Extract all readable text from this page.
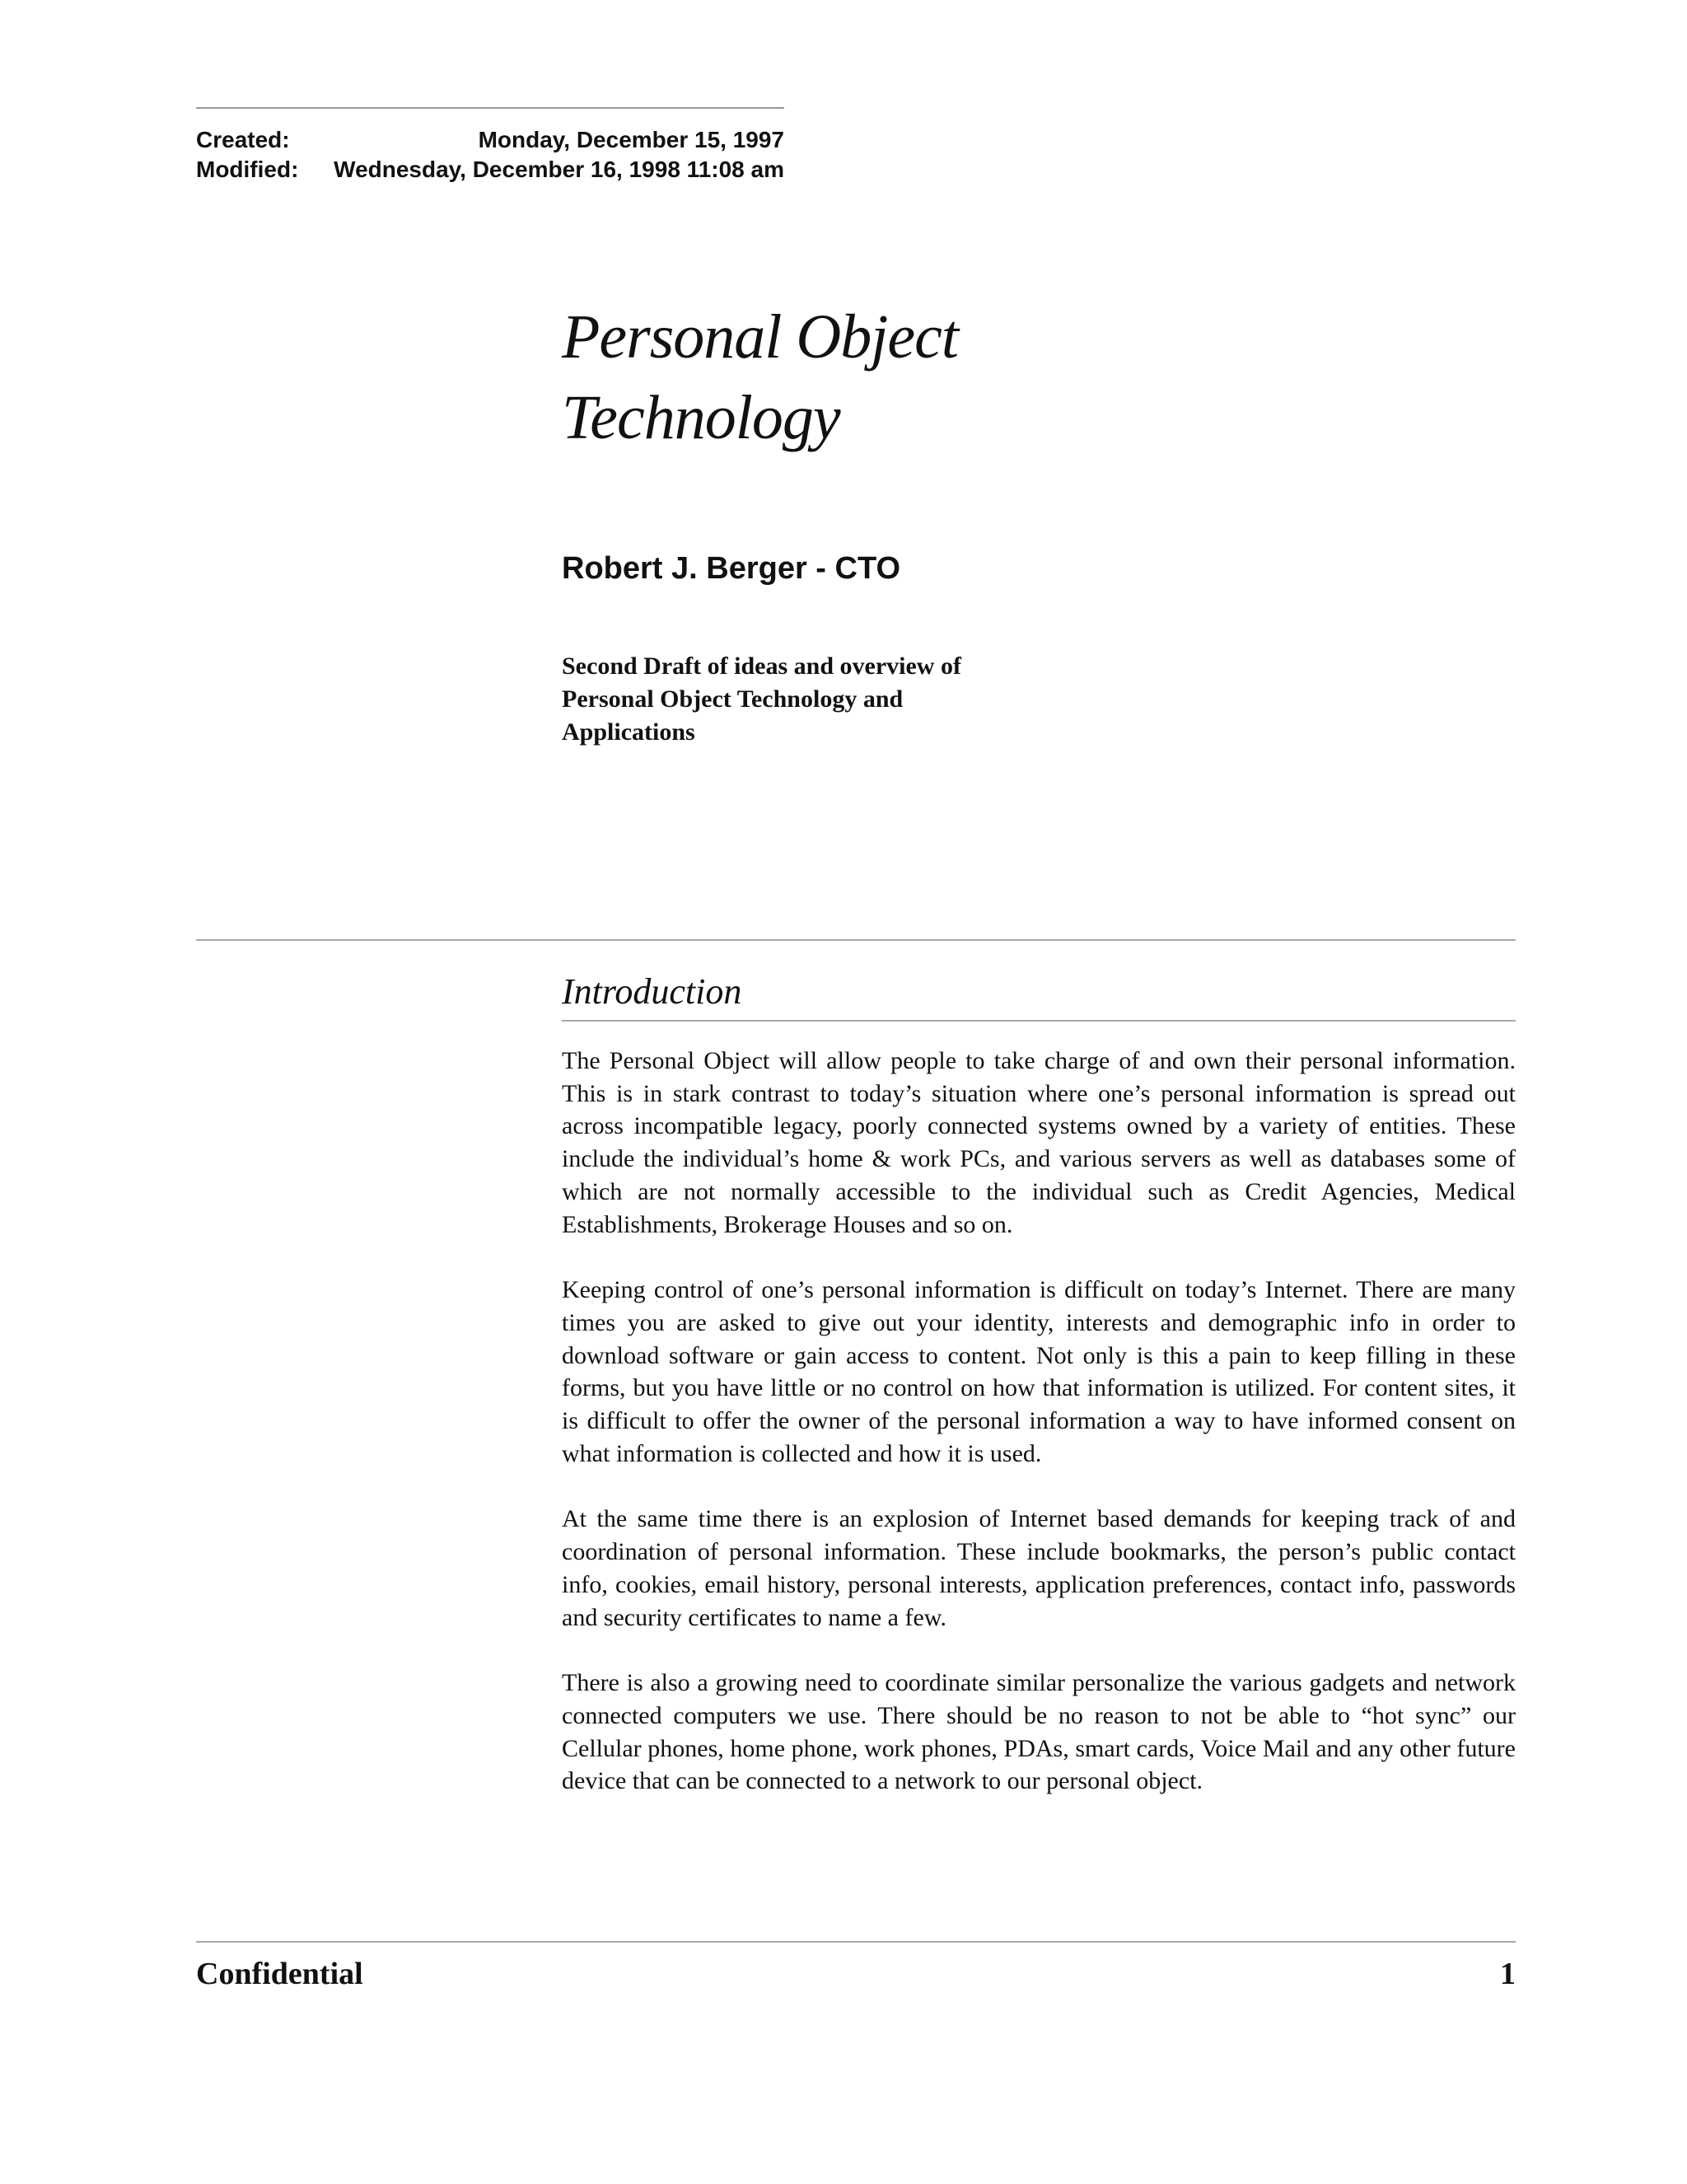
Created:	Monday, December 15, 1997
Modified: Wednesday, December 16, 1998 11:08 am
Personal Object
Technology
Robert J. Berger - CTO
Second Draft of ideas and overview of
Personal Object Technology and
Applications
Introduction

The Personal Object will allow people to take charge of and own their personal information. This is in stark contrast to today’s situation where one’s personal information is spread out across incompatible legacy, poorly connected systems owned by a variety of entities. These include the individual’s home & work PCs, and various servers as well as databases some of which are not normally accessible to the individual such as Credit Agencies, Medical Establishments, Brokerage Houses and so on.

Keeping control of one’s personal information is difficult on today’s Internet. There are many times you are asked to give out your identity, interests and demographic info in order to download software or gain access to content. Not only is this a pain to keep filling in these forms, but you have little or no control on how that information is utilized. For content sites, it is difficult to offer the owner of the personal information a way to have informed consent on what information is collected and how it is used.

At the same time there is an explosion of Internet based demands for keeping track of and coordination of personal information. These include bookmarks, the person’s public contact info, cookies, email history, personal interests, application preferences, contact info, passwords and security certificates to name a few.

There is also a growing need to coordinate similar personalize the various gadgets and network connected computers we use. There should be no reason to not be able to “hot sync” our Cellular phones, home phone, work phones, PDAs, smart cards, Voice Mail and any other future device that can be connected to a network to our personal object.

Confidential	1
